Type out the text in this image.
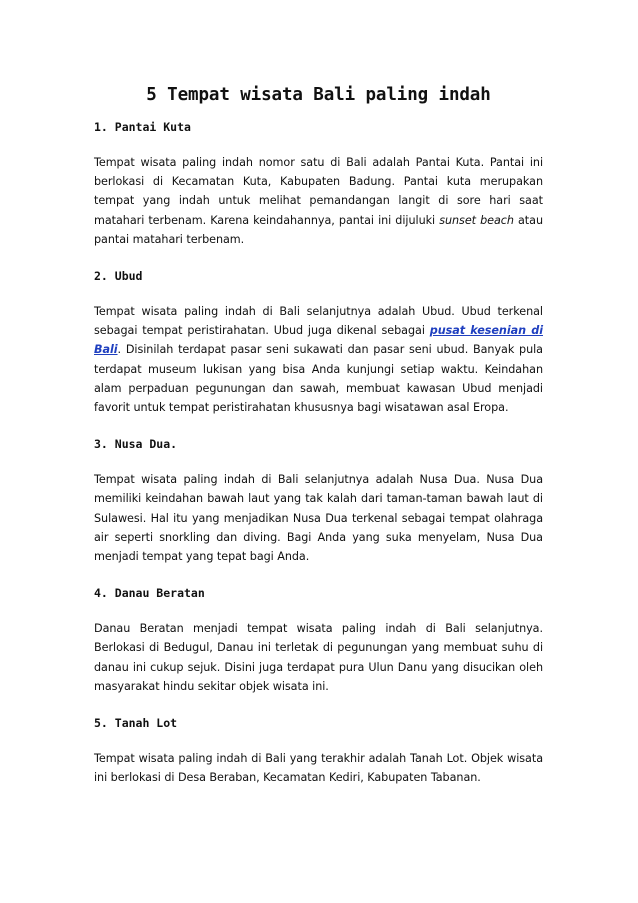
5 Tempat wisata Bali paling indah
1. Pantai Kuta

Tempat wisata paling indah nomor satu di Bali adalah Pantai Kuta. Pantai ini berlokasi di Kecamatan Kuta, Kabupaten Badung. Pantai kuta merupakan tempat yang indah untuk melihat pemandangan langit di sore hari saat matahari terbenam. Karena keindahannya, pantai ini dijuluki sunset beach atau pantai matahari terbenam.

2. Ubud

Tempat wisata paling indah di Bali selanjutnya adalah Ubud. Ubud terkenal sebagai tempat peristirahatan. Ubud juga dikenal sebagai pusat kesenian di Bali. Disinilah terdapat pasar seni sukawati dan pasar seni ubud. Banyak pula terdapat museum lukisan yang bisa Anda kunjungi setiap waktu. Keindahan alam perpaduan pegunungan dan sawah, membuat kawasan Ubud menjadi favorit untuk tempat peristirahatan khususnya bagi wisatawan asal Eropa.

3. Nusa Dua.

Tempat wisata paling indah di Bali selanjutnya adalah Nusa Dua. Nusa Dua memiliki keindahan bawah laut yang tak kalah dari taman-taman bawah laut di Sulawesi. Hal itu yang menjadikan Nusa Dua terkenal sebagai tempat olahraga air seperti snorkling dan diving. Bagi Anda yang suka menyelam, Nusa Dua menjadi tempat yang tepat bagi Anda.

4. Danau Beratan

Danau Beratan menjadi tempat wisata paling indah di Bali selanjutnya. Berlokasi di Bedugul, Danau ini terletak di pegunungan yang membuat suhu di danau ini cukup sejuk. Disini juga terdapat pura Ulun Danu yang disucikan oleh masyarakat hindu sekitar objek wisata ini.

5. Tanah Lot

Tempat wisata paling indah di Bali yang terakhir adalah Tanah Lot. Objek wisata ini berlokasi di Desa Beraban, Kecamatan Kediri, Kabupaten Tabanan.
